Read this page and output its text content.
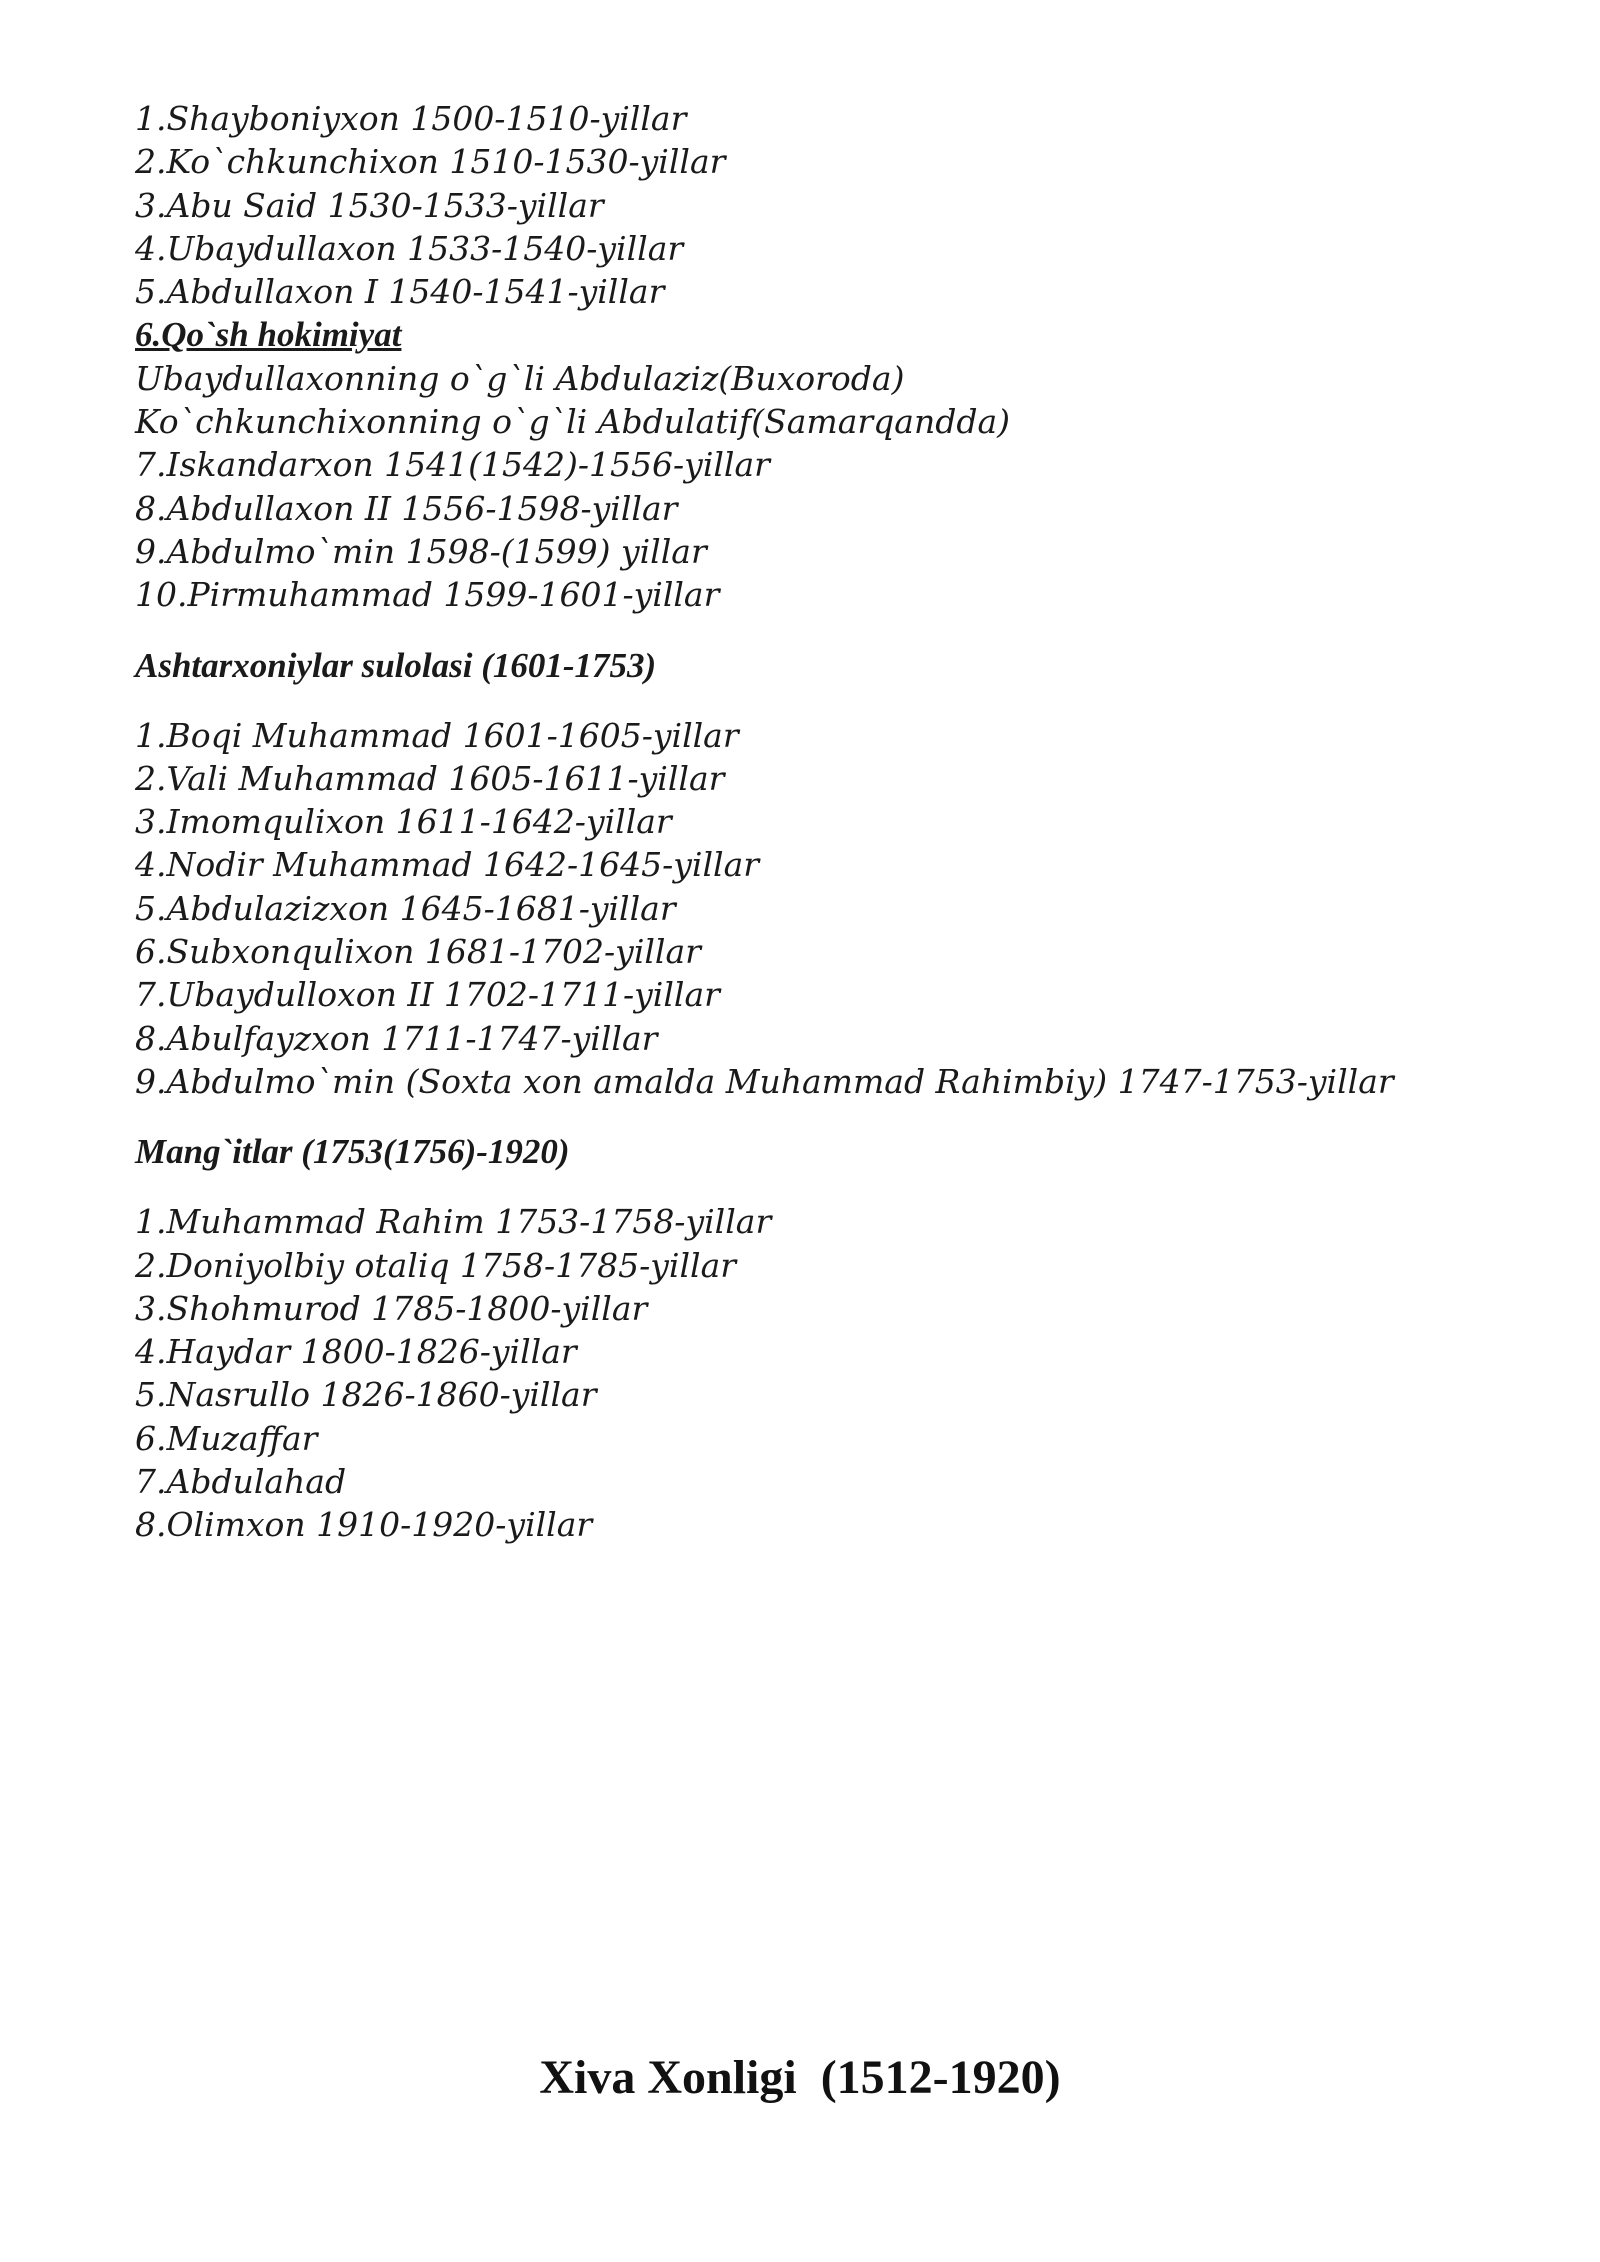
1.Shayboniyxon 1500-1510-yillar
2.Ko`chkunchixon 1510-1530-yillar
3.Abu Said 1530-1533-yillar
4.Ubaydullaxon 1533-1540-yillar
5.Abdullaxon I 1540-1541-yillar
6.Qo`sh hokimiyat
Ubaydullaxonning o`g`li Abdulaziz(Buxoroda)
Ko`chkunchixonning o`g`li Abdulatif(Samarqandda)
7.Iskandarxon 1541(1542)-1556-yillar
8.Abdullaxon II 1556-1598-yillar
9.Abdulmo`min 1598-(1599) yillar
10.Pirmuhammad 1599-1601-yillar
Ashtarxoniylar sulolasi (1601-1753)
1.Boqi Muhammad 1601-1605-yillar
2.Vali Muhammad 1605-1611-yillar
3.Imomqulixon 1611-1642-yillar
4.Nodir Muhammad 1642-1645-yillar
5.Abdulazizxon 1645-1681-yillar
6.Subxonqulixon 1681-1702-yillar
7.Ubaydulloxon II 1702-1711-yillar
8.Abulfayzxon 1711-1747-yillar
9.Abdulmo`min (Soxta xon amalda Muhammad Rahimbiy) 1747-1753-yillar
Mang`itlar (1753(1756)-1920)
1.Muhammad Rahim 1753-1758-yillar
2.Doniyolbiy otaliq 1758-1785-yillar
3.Shohmurod 1785-1800-yillar
4.Haydar 1800-1826-yillar
5.Nasrullo 1826-1860-yillar
6.Muzaffar
7.Abdulahad
8.Olimxon 1910-1920-yillar
Xiva Xonligi  (1512-1920)
